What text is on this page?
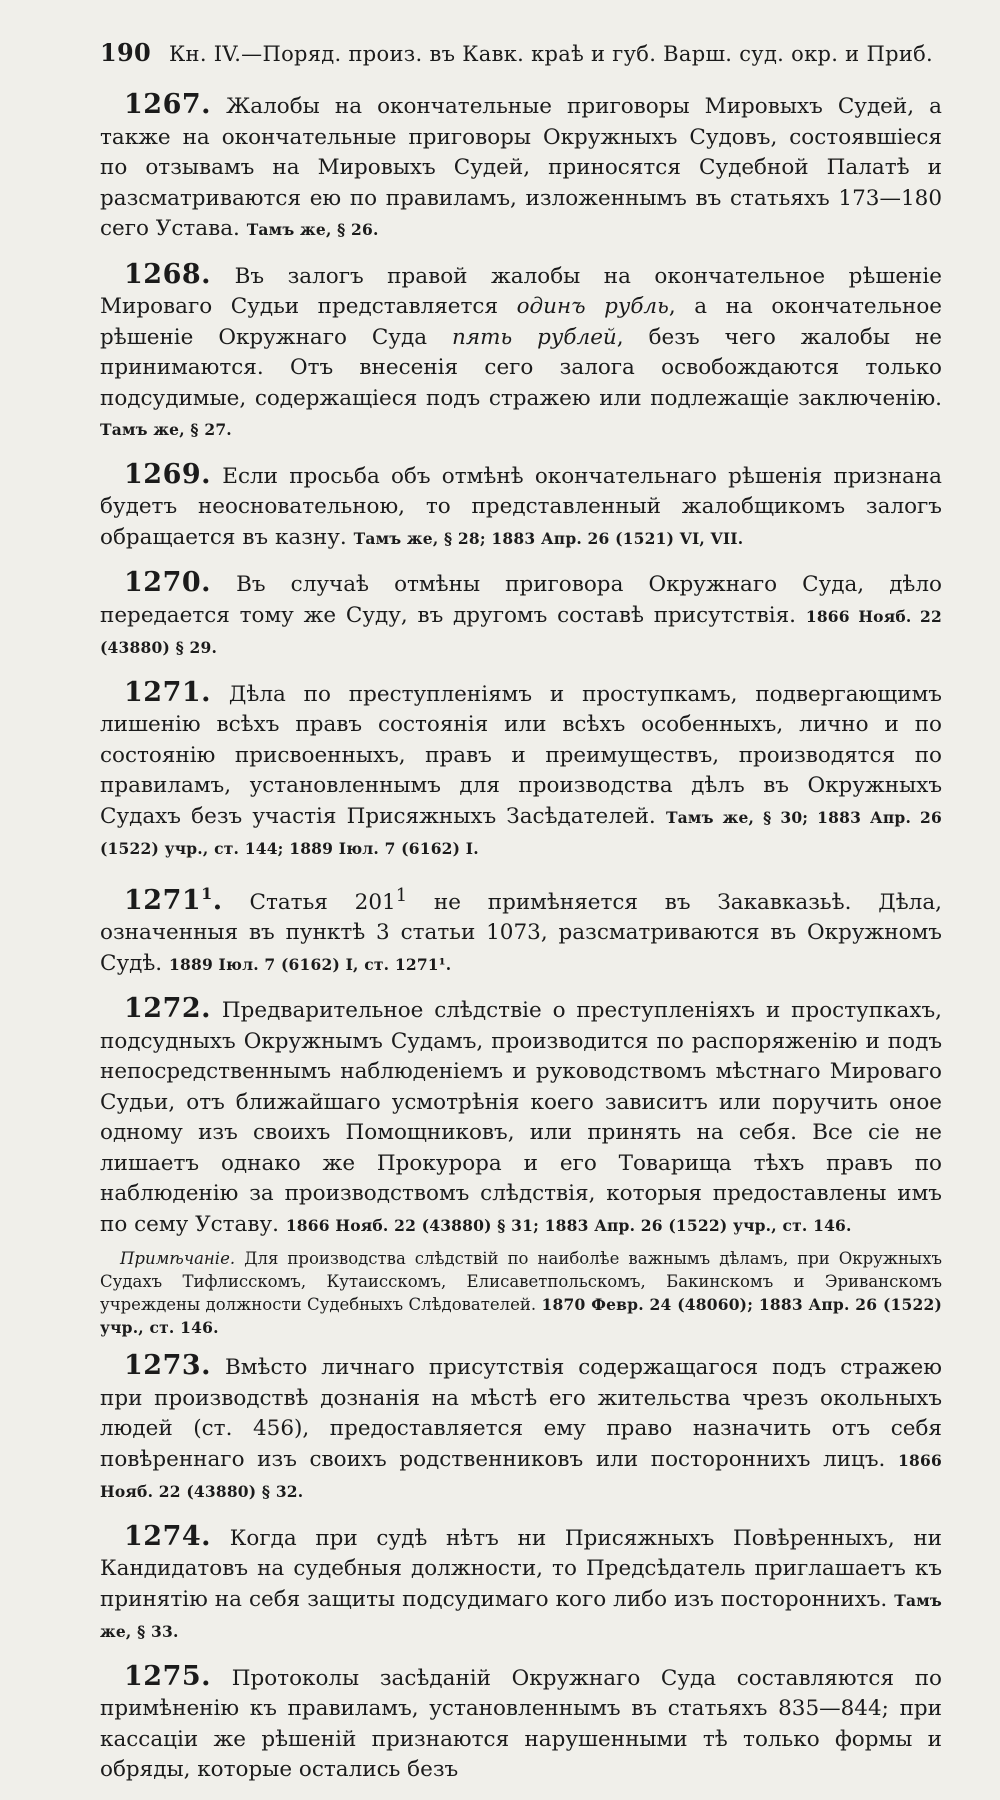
190 Кн. IV.—Поряд. произ. въ Кавк. краѣ и губ. Варш. суд. окр. и Приб.

1267. Жалобы на окончательные приговоры Мировыхъ Судей, а также на окончательные приговоры Окружныхъ Судовъ, состоявшіеся по отзывамъ на Мировыхъ Судей, приносятся Судебной Палатѣ и разсматриваются ею по правиламъ, изложеннымъ въ статьяхъ 173—180 сего Устава. Тамъ же, § 26.

1268. Въ залогъ правой жалобы на окончательное рѣшеніе Мироваго Судьи представляется одинъ рубль, а на окончательное рѣшеніе Окружнаго Суда пять рублей, безъ чего жалобы не принимаются. Отъ внесенія сего залога освобождаются только подсудимые, содержащіеся подъ стражею или подлежащіе заключенію. Тамъ же, § 27.

1269. Если просьба объ отмѣнѣ окончательнаго рѣшенія признана будетъ неосновательною, то представленный жалобщикомъ залогъ обращается въ казну. Тамъ же, § 28; 1883 Апр. 26 (1521) VI, VII.

1270. Въ случаѣ отмѣны приговора Окружнаго Суда, дѣло передается тому же Суду, въ другомъ составѣ присутствія. 1866 Нояб. 22 (43880) § 29.

1271. Дѣла по преступленіямъ и проступкамъ, подвергающимъ лишенію всѣхъ правъ состоянія или всѣхъ особенныхъ, лично и по состоянію присвоенныхъ, правъ и преимуществъ, производятся по правиламъ, установленнымъ для производства дѣлъ въ Окружныхъ Судахъ безъ участія Присяжныхъ Засѣдателей. Тамъ же, § 30; 1883 Апр. 26 (1522) учр., ст. 144; 1889 Іюл. 7 (6162) I.

1271$^1$. Статья $201^1$ не примѣняется въ Закавказьѣ. Дѣла, означенныя въ пунктѣ 3 статьи 1073, разсматриваются въ Окружномъ Судѣ. 1889 Іюл. 7 (6162) I, ст. 1271¹.

1272. Предварительное слѣдствіе о преступленіяхъ и проступкахъ, подсудныхъ Окружнымъ Судамъ, производится по распоряженію и подъ непосредственнымъ наблюденіемъ и руководствомъ мѣстнаго Мироваго Судьи, отъ ближайшаго усмотрѣнія коего зависитъ или поручить оное одному изъ своихъ Помощниковъ, или принять на себя. Все сіе не лишаетъ однако же Прокурора и его Товарища тѣхъ правъ по наблюденію за производствомъ слѣдствія, которыя предоставлены имъ по сему Уставу. 1866 Нояб. 22 (43880) § 31; 1883 Апр. 26 (1522) учр., ст. 146.

Примѣчаніе. Для производства слѣдствій по наиболѣе важнымъ дѣламъ, при Окружныхъ Судахъ Тифлисскомъ, Кутаисскомъ, Елисаветпольскомъ, Бакинскомъ и Эриванскомъ учреждены должности Судебныхъ Слѣдователей. 1870 Февр. 24 (48060); 1883 Апр. 26 (1522) учр., ст. 146.

1273. Вмѣсто личнаго присутствія содержащагося подъ стражею при производствѣ дознанія на мѣстѣ его жительства чрезъ окольныхъ людей (ст. 456), предоставляется ему право назначить отъ себя повѣреннаго изъ своихъ родственниковъ или постороннихъ лицъ. 1866 Нояб. 22 (43880) § 32.

1274. Когда при судѣ нѣтъ ни Присяжныхъ Повѣренныхъ, ни Кандидатовъ на судебныя должности, то Предсѣдатель приглашаетъ къ принятію на себя защиты подсудимаго кого либо изъ постороннихъ. Тамъ же, § 33.

1275. Протоколы засѣданій Окружнаго Суда составляются по примѣненію къ правиламъ, установленнымъ въ статьяхъ 835—844; при кассаціи же рѣшеній признаются нарушенными тѣ только формы и обряды, которые остались безъ
